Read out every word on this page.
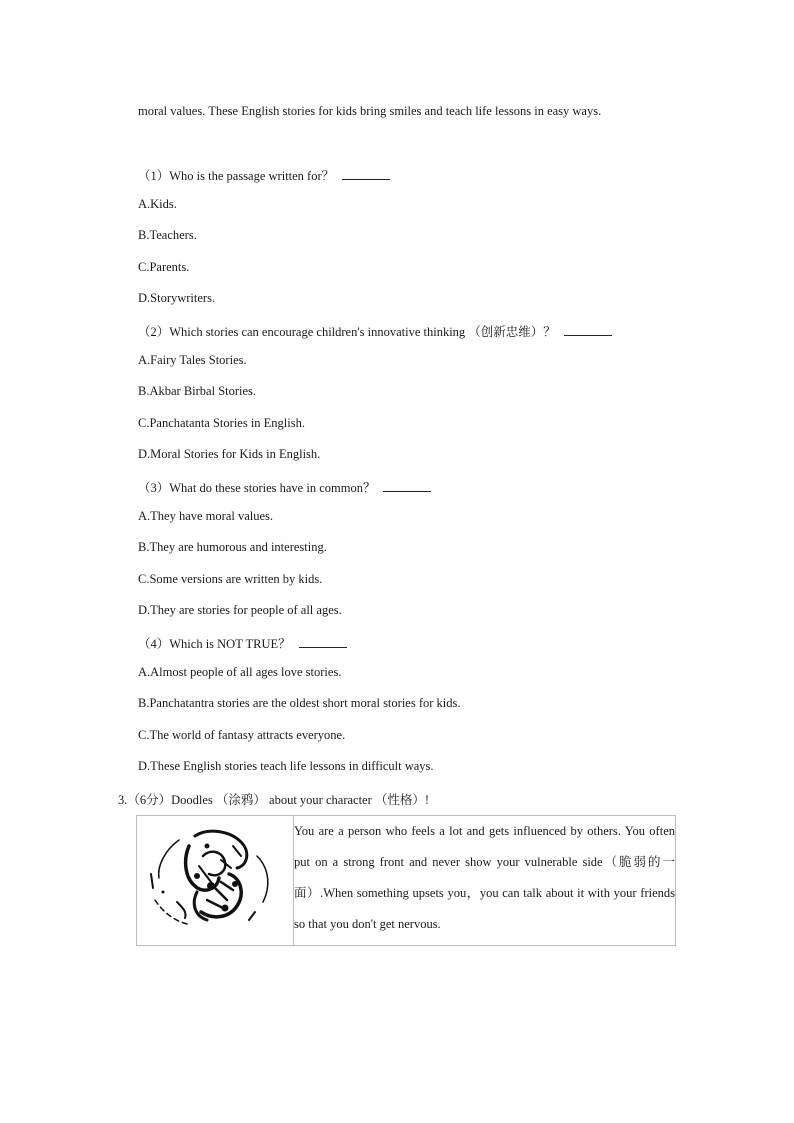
moral values. These English stories for kids bring smiles and teach life lessons in easy ways.
（1）Who is the passage written for？
A.Kids.
B.Teachers.
C.Parents.
D.Storywriters.
（2）Which stories can encourage children's innovative thinking （创新忠维）？
A.Fairy Tales Stories.
B.Akbar Birbal Stories.
C.Panchatanta Stories in English.
D.Moral Stories for Kids in English.
（3）What do these stories have in common？
A.They have moral values.
B.They are humorous and interesting.
C.Some versions are written by kids.
D.They are stories for people of all ages.
（4）Which is NOT TRUE？
A.Almost people of all ages love stories.
B.Panchatantra stories are the oldest short moral stories for kids.
C.The world of fantasy attracts everyone.
D.These English stories teach life lessons in difficult ways.
3.（6分）Doodles （涂鸦） about your character （性格）!
	You are a person who feels a lot and gets influenced by others. You often put on a strong front and never show your vulnerable side（脆弱的一面）.When something upsets you，you can talk about it with your friends so that you don't get nervous.
